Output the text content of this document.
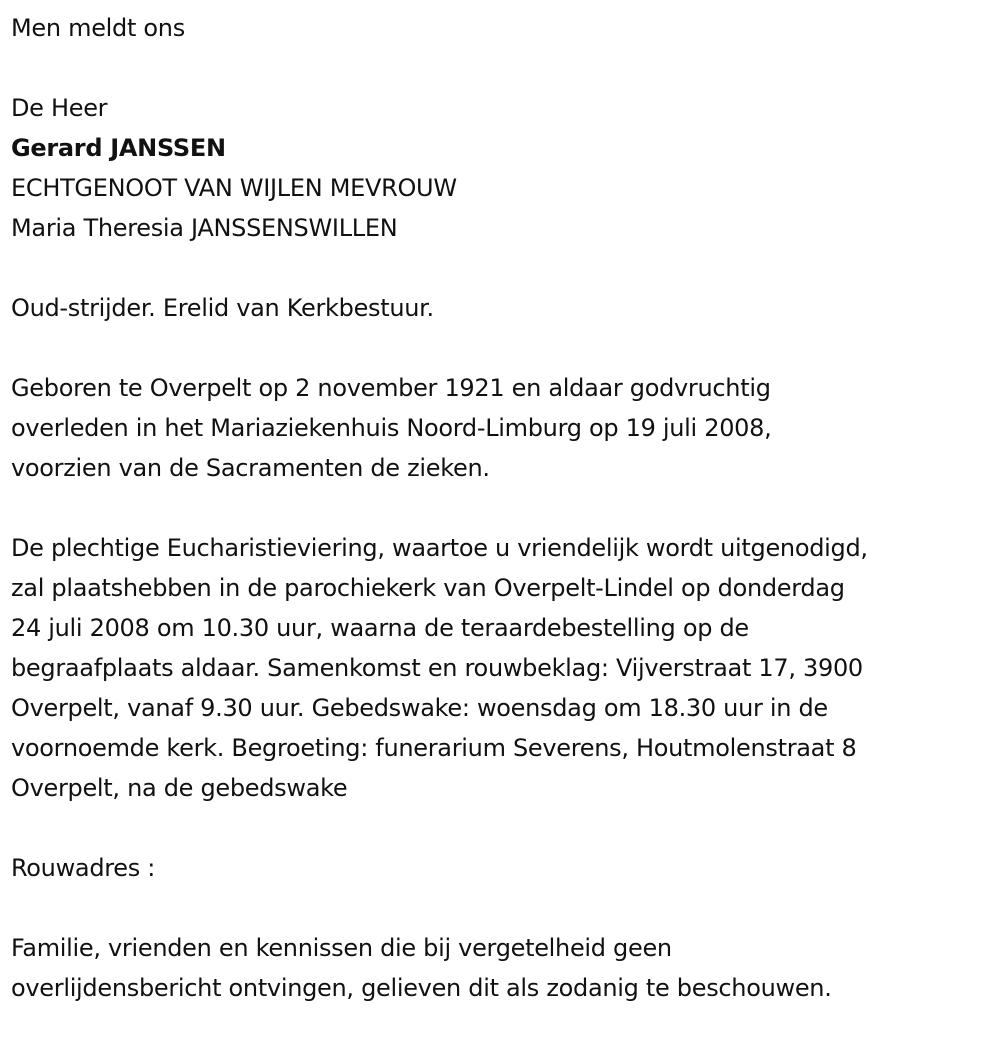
Men meldt ons

De Heer

Gerard JANSSEN

ECHTGENOOT VAN WIJLEN MEVROUW

Maria Theresia JANSSENSWILLEN

Oud-strijder. Erelid van Kerkbestuur.

Geboren te Overpelt op 2 november 1921 en aldaar godvruchtig
overleden in het Mariaziekenhuis Noord-Limburg op 19 juli 2008,
voorzien van de Sacramenten de zieken.

De plechtige Eucharistieviering, waartoe u vriendelijk wordt uitgenodigd,
zal plaatshebben in de parochiekerk van Overpelt-Lindel op donderdag
24 juli 2008 om 10.30 uur, waarna de teraardebestelling op de
begraafplaats aldaar. Samenkomst en rouwbeklag: Vijverstraat 17, 3900
Overpelt, vanaf 9.30 uur. Gebedswake: woensdag om 18.30 uur in de
voornoemde kerk. Begroeting: funerarium Severens, Houtmolenstraat 8
Overpelt, na de gebedswake

Rouwadres :

Familie, vrienden en kennissen die bij vergetelheid geen
overlijdensbericht ontvingen, gelieven dit als zodanig te beschouwen.
